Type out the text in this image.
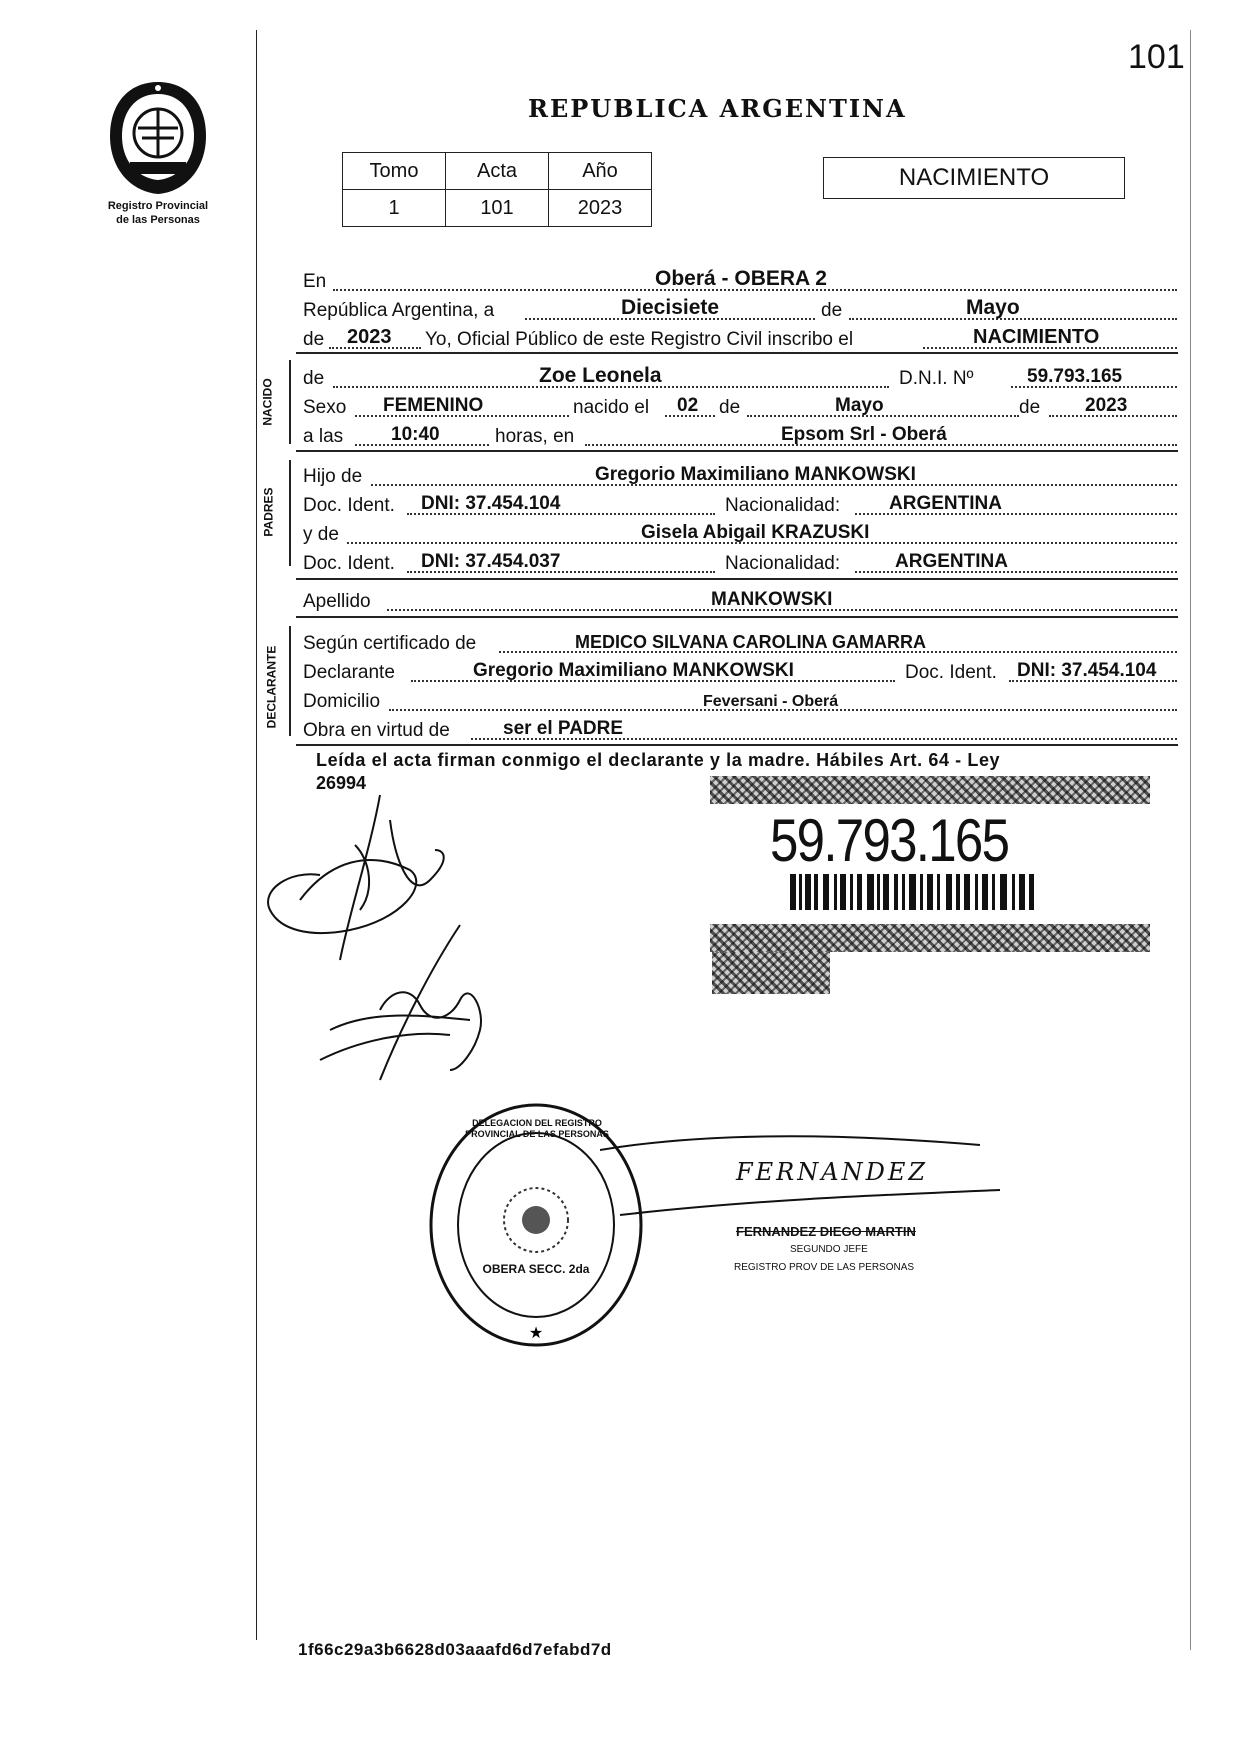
101
Registro Provincial
de las Personas
REPUBLICA ARGENTINA
Tomo	Acta	Año
1	101	2023
NACIMIENTO
En	Oberá - OBERA 2
República Argentina, a	Diecisiete	de	Mayo
de 2023 Yo, Oficial Público de este Registro Civil inscribo el	NACIMIENTO
NACIDO de	Zoe Leonela	D.N.I. Nº	59.793.165
Sexo FEMENINO	nacido el 02 de	Mayo	de 2023
a las	10:40	horas, en	Epsom Srl - Oberá
PADRES
Hijo de	Gregorio Maximiliano MANKOWSKI
Doc. Ident. DNI: 37.454.104	Nacionalidad:	ARGENTINA
y de	Gisela Abigail KRAZUSKI
Doc. Ident. DNI: 37.454.037	Nacionalidad:	ARGENTINA
Apellido	MANKOWSKI
DECLARANTE
Según certificado de	MEDICO SILVANA CAROLINA GAMARRA
Declarante	Gregorio Maximiliano MANKOWSKI	Doc. Ident. DNI: 37.454.104
Domicilio	Feversani - Oberá
Obra en virtud de	ser el PADRE
Leída el acta firman conmigo el declarante y la madre. Hábiles Art. 64 - Ley
26994
59.793.165
★
DELEGACION DEL REGISTRO PROVINCIAL DE LAS PERSONAS
OBERA SECC. 2da
FERNANDEZ
FERNANDEZ DIEGO MARTIN
SEGUNDO JEFE
REGISTRO PROV DE LAS PERSONAS
1f66c29a3b6628d03aaafd6d7efabd7d
